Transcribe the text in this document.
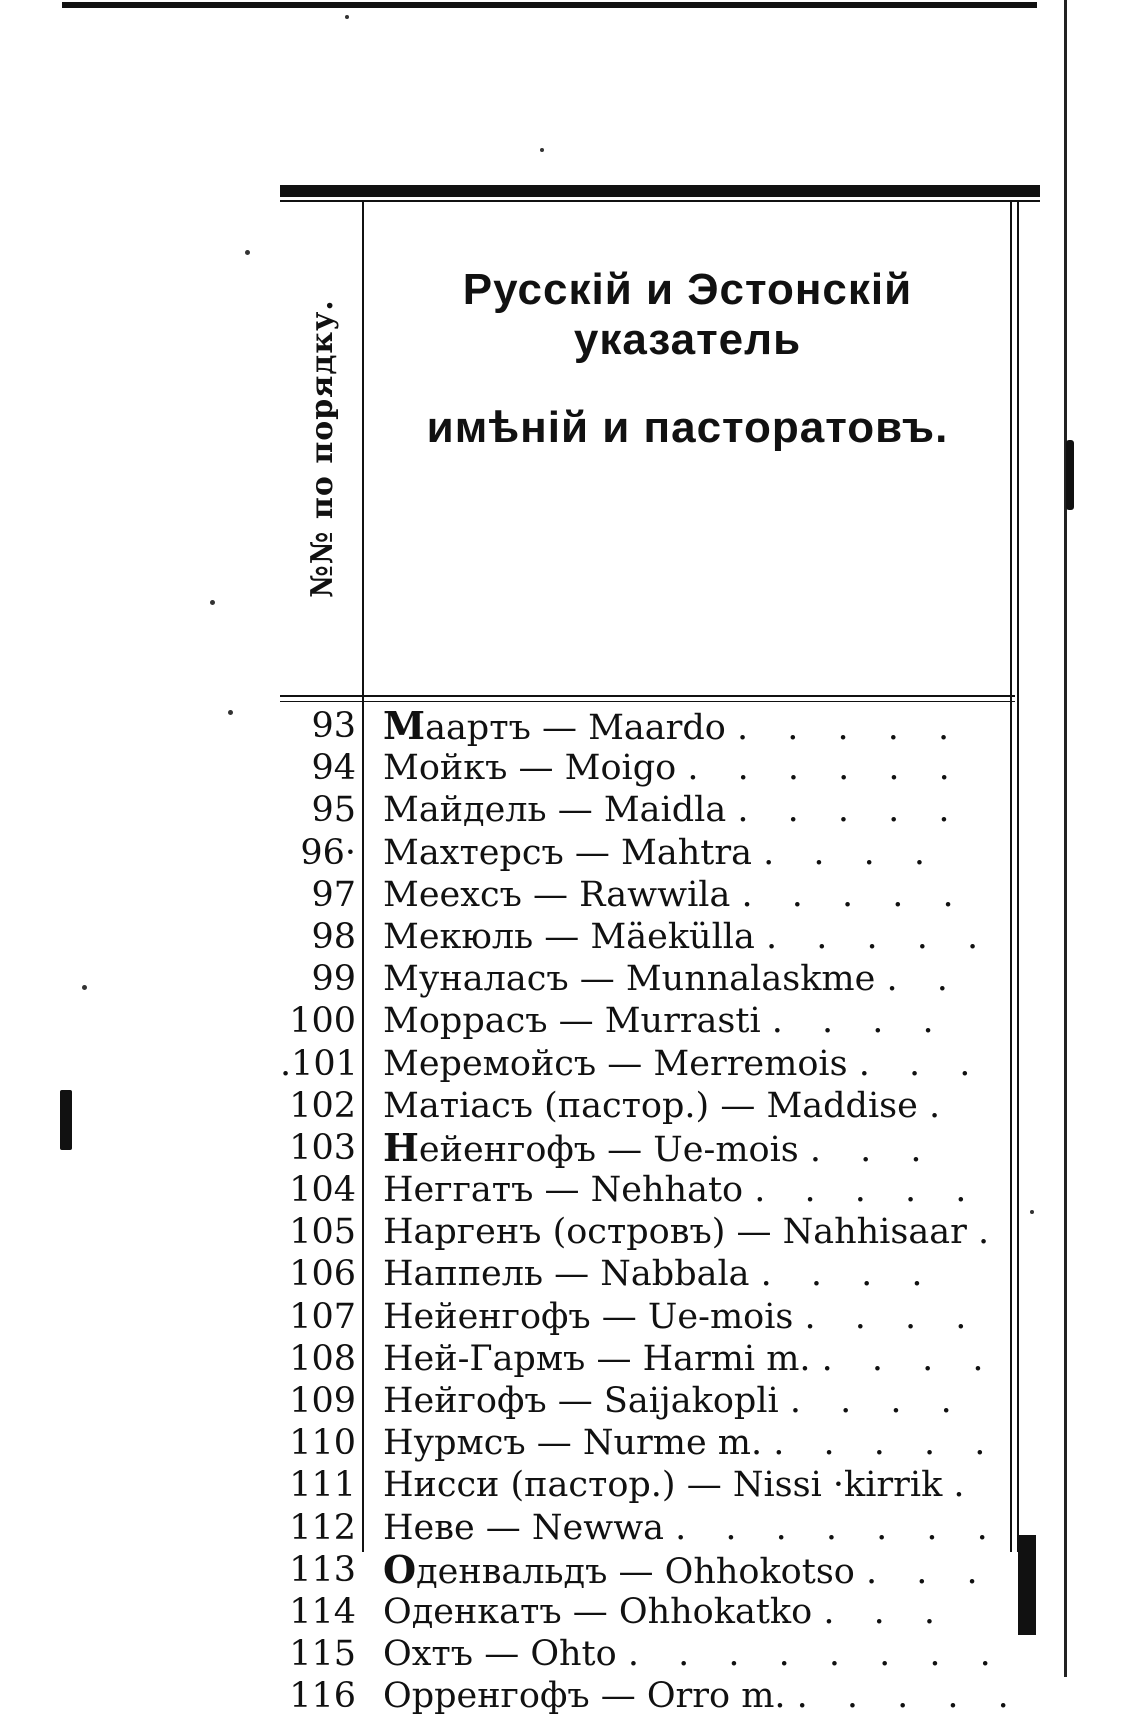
№№ по порядку.
Русскій и Эстонскій указатель
имѣній и пасторатовъ.
93 Маартъ — Maardo . . . . .
94 Мойкъ — Moigo . . . . . .
95 Майдель — Maidla . . . . .
96· Махтерсъ — Mahtra . . . .
97 Мееxсъ — Rawwila . . . . .
98 Мекюль — Mäeküllа . . . . .
99 Муналасъ — Munnalaskme . .
100 Моррасъ — Murrasti . . . .
.101 Меремойсъ — Merremois . . .
102 Матіасъ (пастор.) — Maddise .
103 Нейенгофъ — Ue-mois . . .
104 Неггатъ — Nehhato . . . . .
105 Наргенъ (островъ) — Nahhisaar .
106 Наппель — Nabbala . . . .
107 Нейенгофъ — Ue-mois . . . .
108 Ней-Гармъ — Harmi m. . . . .
109 Нейгофъ — Saijakopli . . . .
110 Нурмсъ — Nurme m. . . . . .
111 Нисси (пастор.) — Nissi ·kirrik .
112 Неве — Newwa . . . . . . .
113 Оденвальдъ — Ohhokotso . . .
114 Оденкатъ — Ohhokatko . . .
115 Охтъ — Ohto . . . . . . . .
116 Орренгофъ — Orro m. . . . . .
